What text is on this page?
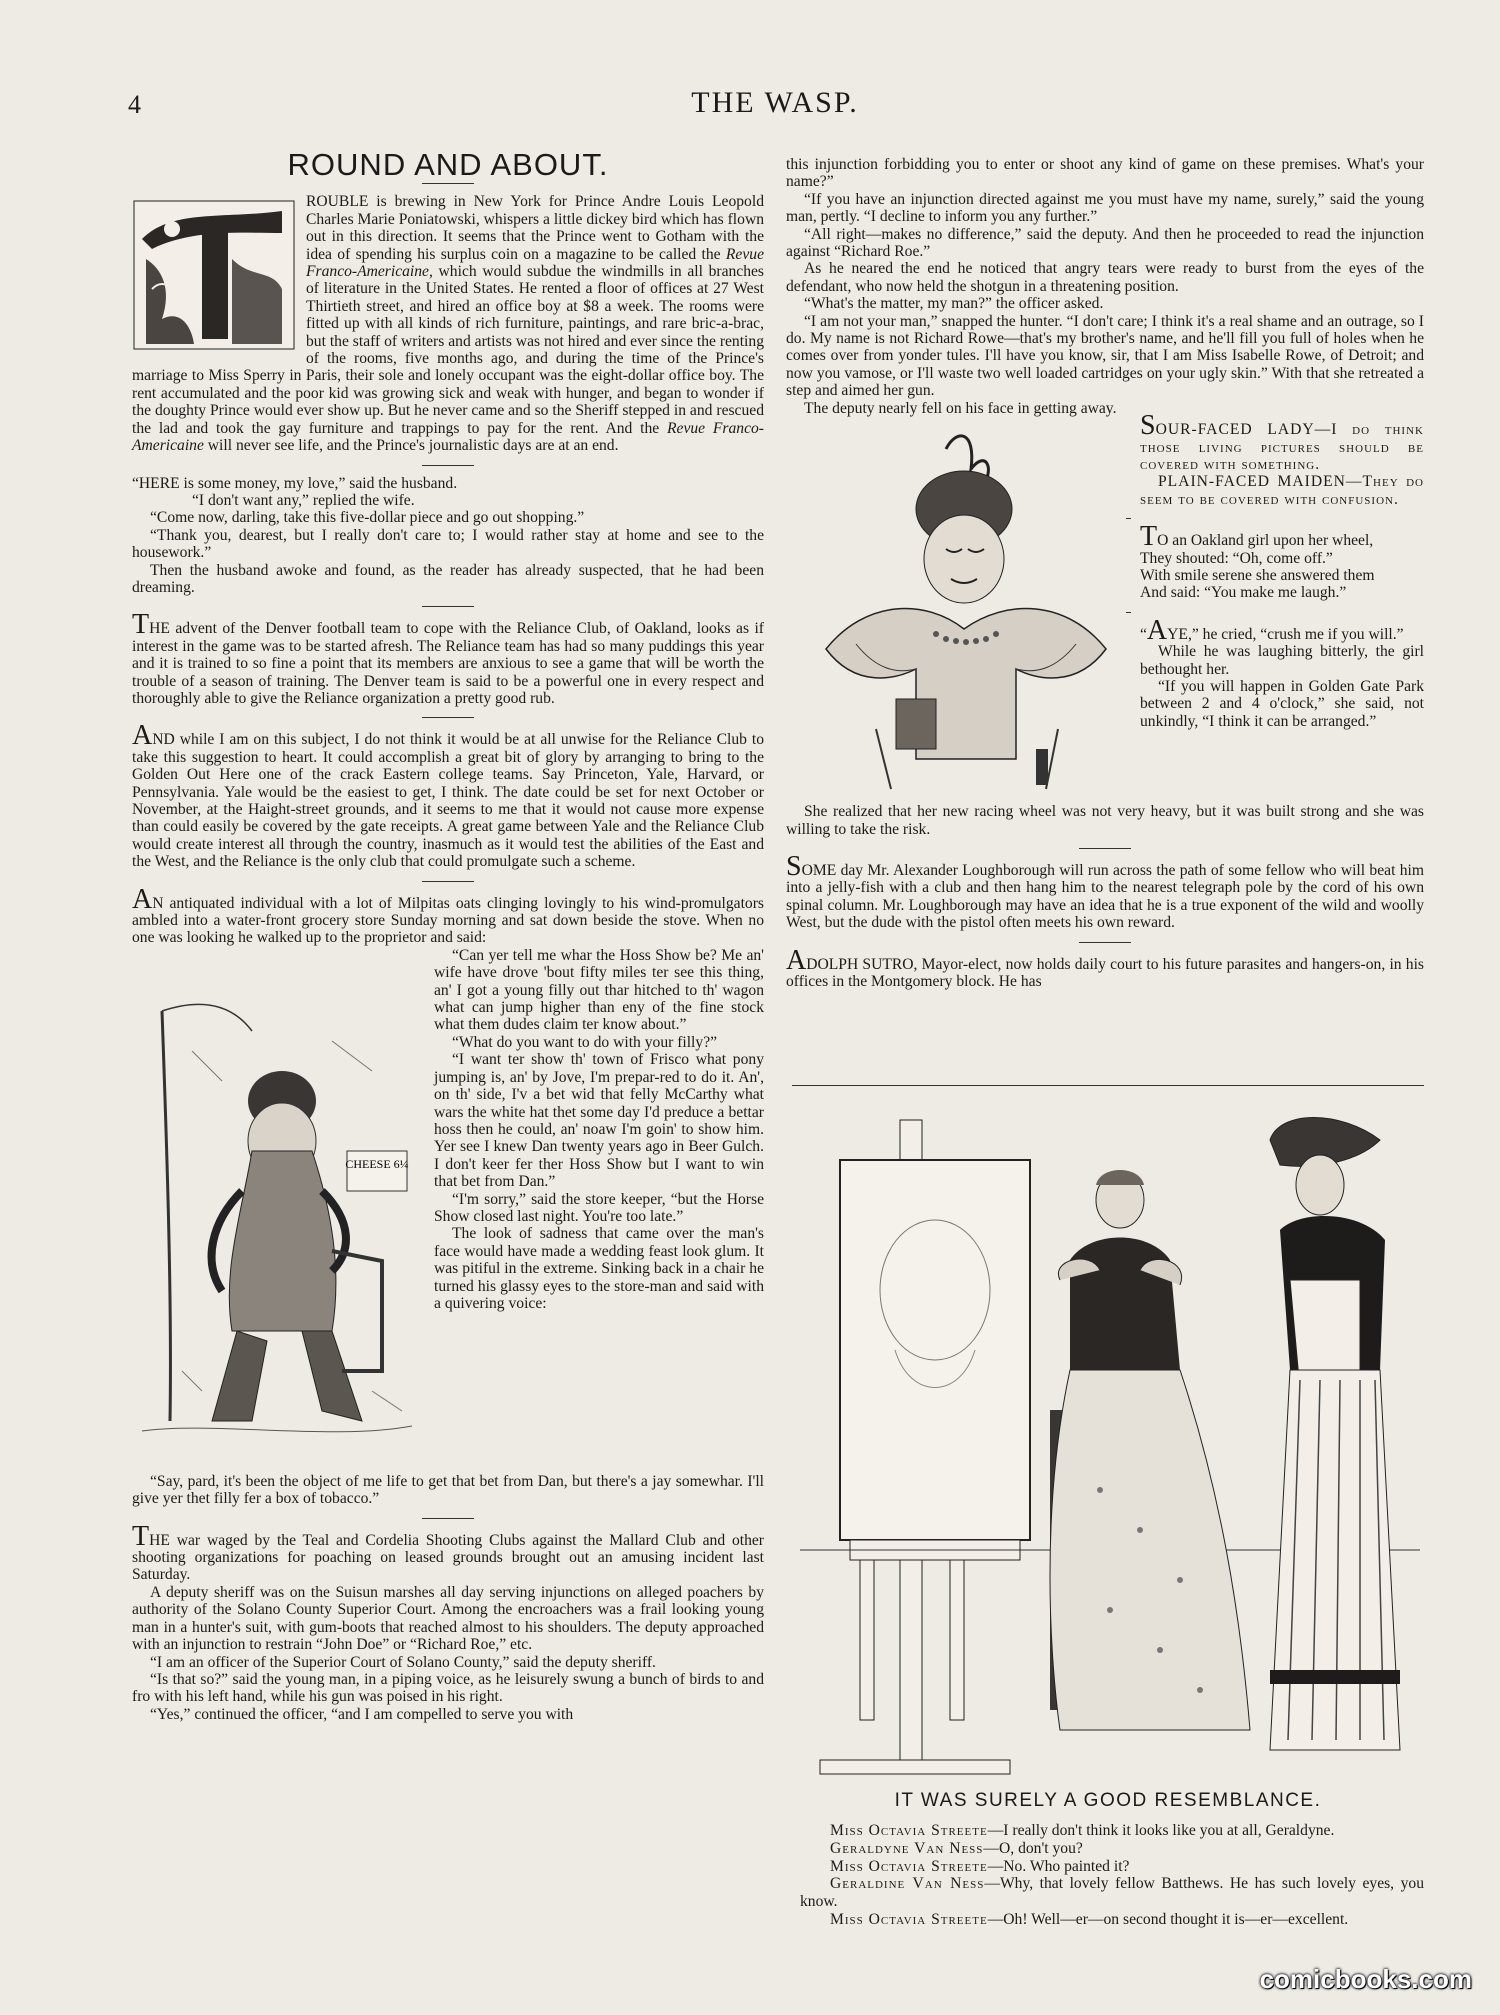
4	THE WASP.
ROUND AND ABOUT.

ROUBLE is brewing in New York for Prince Andre Louis Leopold Charles Marie Poniatowski, whispers a little dickey bird which has flown out in this direction. It seems that the Prince went to Gotham with the idea of spending his surplus coin on a magazine to be called the Revue Franco-Americaine, which would subdue the windmills in all branches of literature in the United States. He rented a floor of offices at 27 West Thirtieth street, and hired an office boy at $8 a week. The rooms were fitted up with all kinds of rich furniture, paintings, and rare bric-a-brac, but the staff of writers and artists was not hired and ever since the renting of the rooms, five months ago, and during the time of the Prince's marriage to Miss Sperry in Paris, their sole and lonely occupant was the eight-dollar office boy. The rent accumulated and the poor kid was growing sick and weak with hunger, and began to wonder if the doughty Prince would ever show up. But he never came and so the Sheriff stepped in and rescued the lad and took the gay furniture and trappings to pay for the rent. And the Revue Franco-Americaine will never see life, and the Prince's journalistic days are at an end.

“HERE is some money, my love,” said the husband.

“I don't want any,” replied the wife.

“Come now, darling, take this five-dollar piece and go out shopping.”

“Thank you, dearest, but I really don't care to; I would rather stay at home and see to the housework.”

Then the husband awoke and found, as the reader has already suspected, that he had been dreaming.

THE advent of the Denver football team to cope with the Reliance Club, of Oakland, looks as if interest in the game was to be started afresh. The Reliance team has had so many puddings this year and it is trained to so fine a point that its members are anxious to see a game that will be worth the trouble of a season of training. The Denver team is said to be a powerful one in every respect and thoroughly able to give the Reliance organization a pretty good rub.

AND while I am on this subject, I do not think it would be at all unwise for the Reliance Club to take this suggestion to heart. It could accomplish a great bit of glory by arranging to bring to the Golden Out Here one of the crack Eastern college teams. Say Princeton, Yale, Harvard, or Pennsylvania. Yale would be the easiest to get, I think. The date could be set for next October or November, at the Haight-street grounds, and it seems to me that it would not cause more expense than could easily be covered by the gate receipts. A great game between Yale and the Reliance Club would create interest all through the country, inasmuch as it would test the abilities of the East and the West, and the Reliance is the only club that could promulgate such a scheme.

AN antiquated individual with a lot of Milpitas oats clinging lovingly to his wind-promulgators ambled into a water-front grocery store Sunday morning and sat down beside the stove. When no one was looking he walked up to the proprietor and said:

CHEESE 6¼

“Can yer tell me whar the Hoss Show be? Me an' wife have drove 'bout fifty miles ter see this thing, an' I got a young filly out thar hitched to th' wagon what can jump higher than eny of the fine stock what them dudes claim ter know about.”

“What do you want to do with your filly?”

“I want ter show th' town of Frisco what pony jumping is, an' by Jove, I'm prepar-red to do it. An', on th' side, I'v a bet wid that felly McCarthy what wars the white hat thet some day I'd preduce a bettar hoss then he could, an' noaw I'm goin' to show him. Yer see I knew Dan twenty years ago in Beer Gulch. I don't keer fer ther Hoss Show but I want to win that bet from Dan.”

“I'm sorry,” said the store keeper, “but the Horse Show closed last night. You're too late.”

The look of sadness that came over the man's face would have made a wedding feast look glum. It was pitiful in the extreme. Sinking back in a chair he turned his glassy eyes to the store-man and said with a quivering voice:

“Say, pard, it's been the object of me life to get that bet from Dan, but there's a jay somewhar. I'll give yer thet filly fer a box of tobacco.”

THE war waged by the Teal and Cordelia Shooting Clubs against the Mallard Club and other shooting organizations for poaching on leased grounds brought out an amusing incident last Saturday.

A deputy sheriff was on the Suisun marshes all day serving injunctions on alleged poachers by authority of the Solano County Superior Court. Among the encroachers was a frail looking young man in a hunter's suit, with gum-boots that reached almost to his shoulders. The deputy approached with an injunction to restrain “John Doe” or “Richard Roe,” etc.

“I am an officer of the Superior Court of Solano County,” said the deputy sheriff.

“Is that so?” said the young man, in a piping voice, as he leisurely swung a bunch of birds to and fro with his left hand, while his gun was poised in his right.

“Yes,” continued the officer, “and I am compelled to serve you with

this injunction forbidding you to enter or shoot any kind of game on these premises. What's your name?”

“If you have an injunction directed against me you must have my name, surely,” said the young man, pertly. “I decline to inform you any further.”

“All right—makes no difference,” said the deputy. And then he proceeded to read the injunction against “Richard Roe.”

As he neared the end he noticed that angry tears were ready to burst from the eyes of the defendant, who now held the shotgun in a threatening position.

“What's the matter, my man?” the officer asked.

“I am not your man,” snapped the hunter. “I don't care; I think it's a real shame and an outrage, so I do. My name is not Richard Rowe—that's my brother's name, and he'll fill you full of holes when he comes over from yonder tules. I'll have you know, sir, that I am Miss Isabelle Rowe, of Detroit; and now you vamose, or I'll waste two well loaded cartridges on your ugly skin.” With that she retreated a step and aimed her gun.

The deputy nearly fell on his face in getting away.

SOUR-FACED LADY—I do think those living pictures should be covered with something.

PLAIN-FACED MAIDEN—They do seem to be covered with confusion.

TO an Oakland girl upon her wheel,

They shouted: “Oh, come off.”

With smile serene she answered them

And said: “You make me laugh.”

“AYE,” he cried, “crush me if you will.”

While he was laughing bitterly, the girl bethought her.

“If you will happen in Golden Gate Park between 2 and 4 o'clock,” she said, not unkindly, “I think it can be arranged.”

She realized that her new racing wheel was not very heavy, but it was built strong and she was willing to take the risk.

SOME day Mr. Alexander Loughborough will run across the path of some fellow who will beat him into a jelly-fish with a club and then hang him to the nearest telegraph pole by the cord of his own spinal column. Mr. Loughborough may have an idea that he is a true exponent of the wild and woolly West, but the dude with the pistol often meets his own reward.

ADOLPH SUTRO, Mayor-elect, now holds daily court to his future parasites and hangers-on, in his offices in the Montgomery block. He has

IT WAS SURELY A GOOD RESEMBLANCE.

Miss Octavia Streete—I really don't think it looks like you at all, Geraldyne.

Geraldyne Van Ness—O, don't you?

Miss Octavia Streete—No. Who painted it?

Geraldine Van Ness—Why, that lovely fellow Batthews. He has such lovely eyes, you know.

Miss Octavia Streete—Oh! Well—er—on second thought it is—er—excellent.

comicbooks.com
